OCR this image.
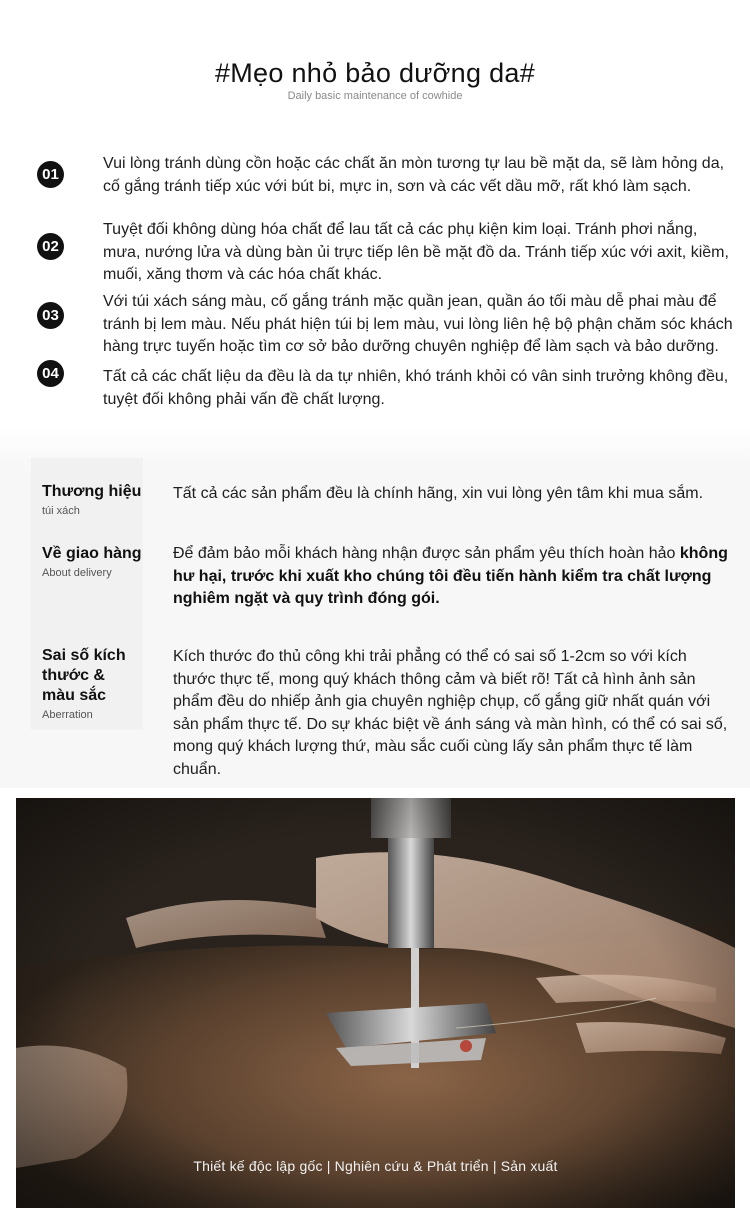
#Mẹo nhỏ bảo dưỡng da#
Daily basic maintenance of cowhide
01
Vui lòng tránh dùng cồn hoặc các chất ăn mòn tương tự lau bề mặt da, sẽ làm hỏng da, cố gắng tránh tiếp xúc với bút bi, mực in, sơn và các vết dầu mỡ, rất khó làm sạch.
02
Tuyệt đối không dùng hóa chất để lau tất cả các phụ kiện kim loại. Tránh phơi nắng, mưa, nướng lửa và dùng bàn ủi trực tiếp lên bề mặt đồ da. Tránh tiếp xúc với axit, kiềm, muối, xăng thơm và các hóa chất khác.
03
Với túi xách sáng màu, cố gắng tránh mặc quần jean, quần áo tối màu dễ phai màu để tránh bị lem màu. Nếu phát hiện túi bị lem màu, vui lòng liên hệ bộ phận chăm sóc khách hàng trực tuyến hoặc tìm cơ sở bảo dưỡng chuyên nghiệp để làm sạch và bảo dưỡng.
04	Tất cả các chất liệu da đều là da tự nhiên, khó tránh khỏi có vân sinh trưởng không đều, tuyệt đối không phải vấn đề chất lượng.
Thương hiệu
túi xách
Tất cả các sản phẩm đều là chính hãng, xin vui lòng yên tâm khi mua sắm.
Về giao hàng
About delivery
Để đảm bảo mỗi khách hàng nhận được sản phẩm yêu thích hoàn hảo không hư hại, trước khi xuất kho chúng tôi đều tiến hành kiểm tra chất lượng nghiêm ngặt và quy trình đóng gói.
Sai số kích thước & màu sắc
Aberration
Kích thước đo thủ công khi trải phẳng có thể có sai số 1-2cm so với kích thước thực tế, mong quý khách thông cảm và biết rõ! Tất cả hình ảnh sản phẩm đều do nhiếp ảnh gia chuyên nghiệp chụp, cố gắng giữ nhất quán với sản phẩm thực tế. Do sự khác biệt về ánh sáng và màn hình, có thể có sai số, mong quý khách lượng thứ, màu sắc cuối cùng lấy sản phẩm thực tế làm chuẩn.
Thiết kế độc lập gốc | Nghiên cứu & Phát triển | Sản xuất
